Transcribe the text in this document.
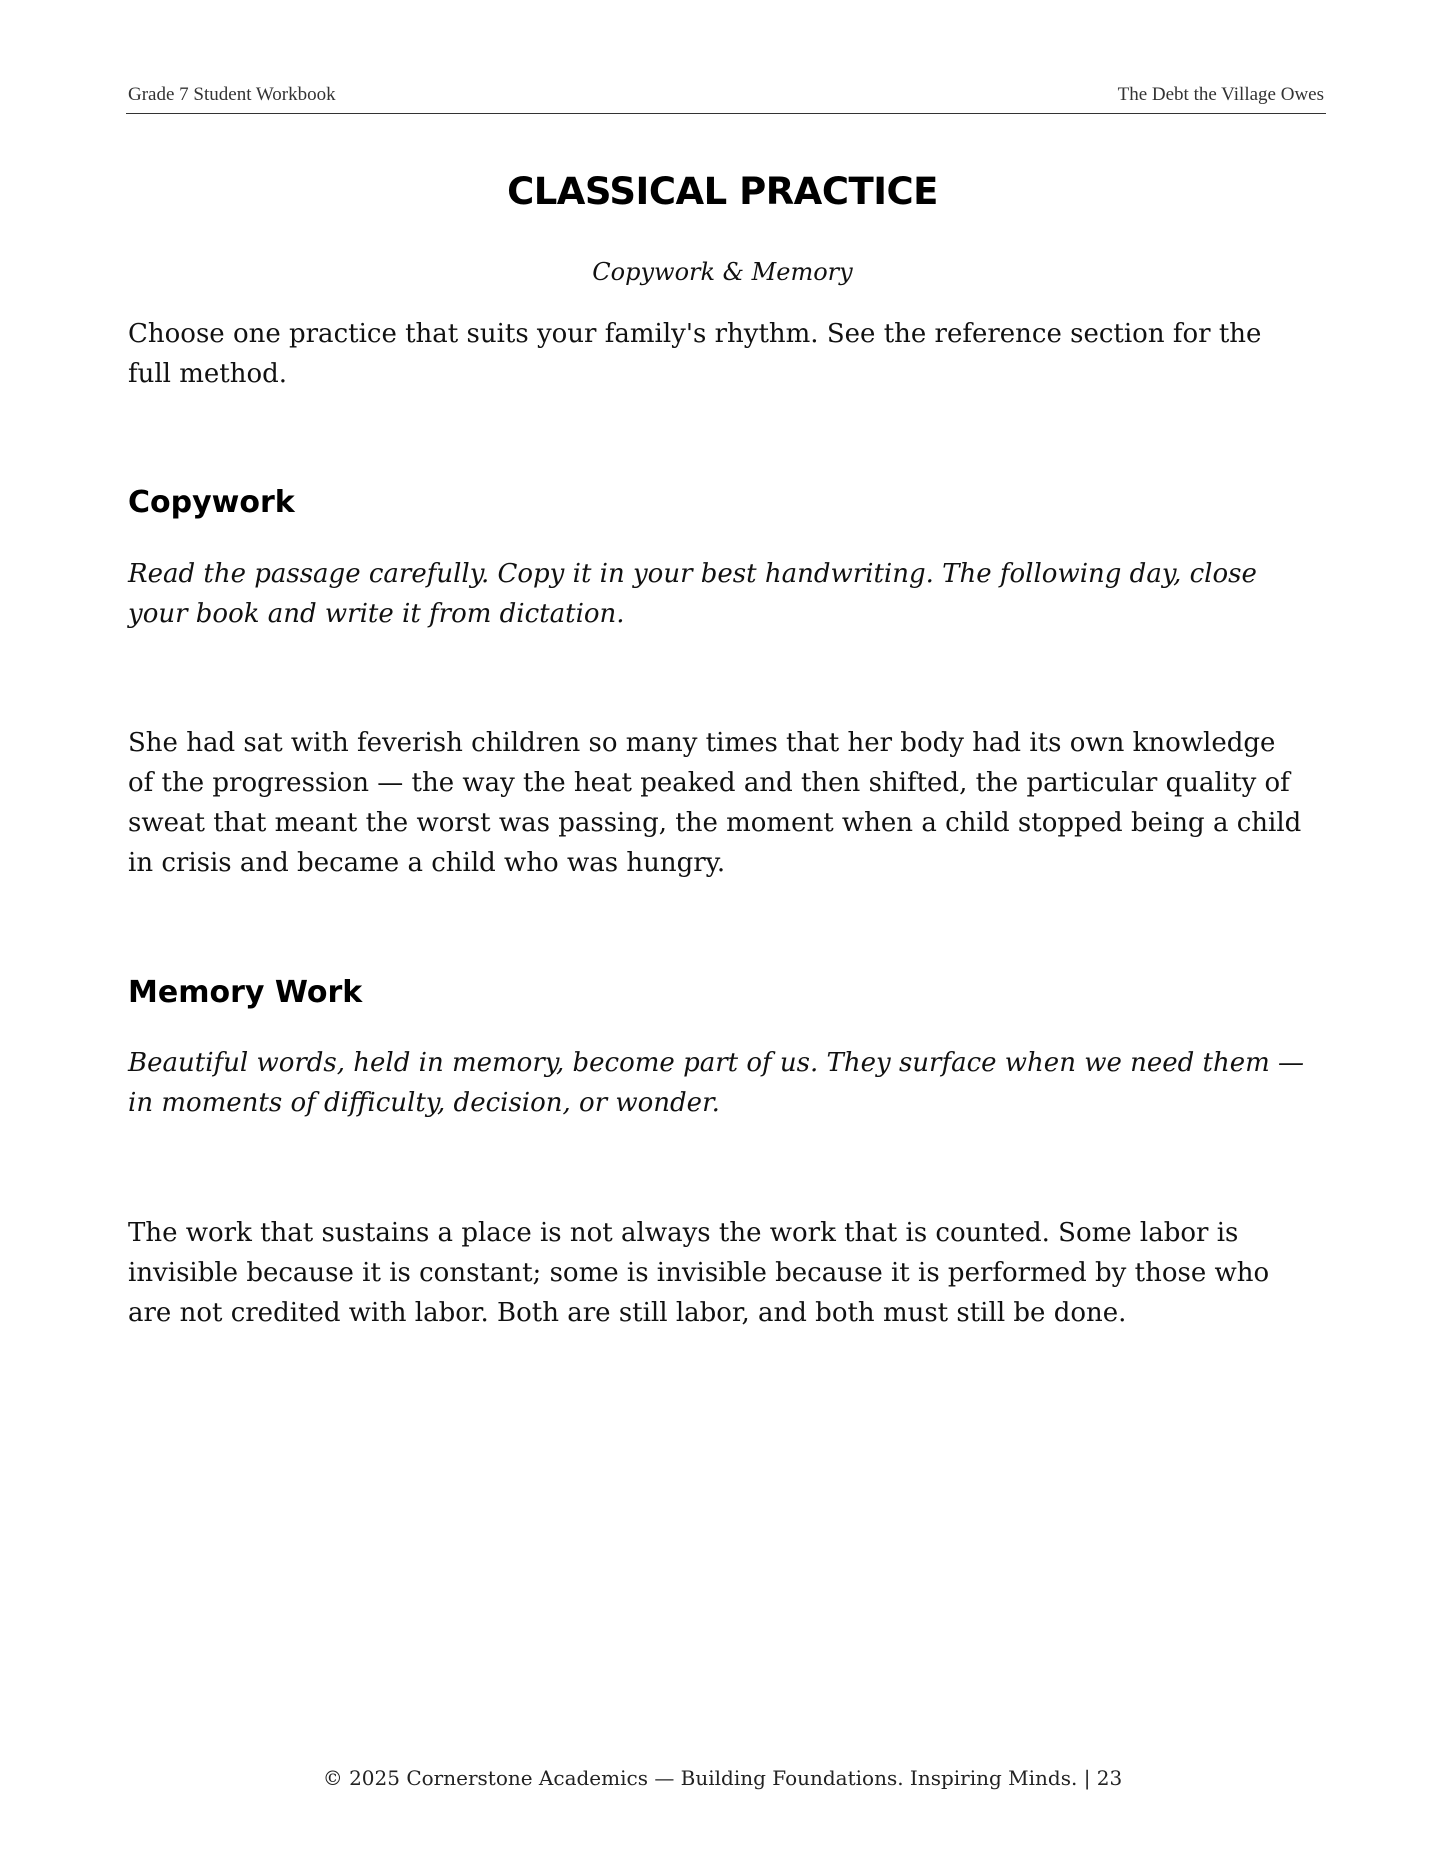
Grade 7 Student Workbook	The Debt the Village Owes
CLASSICAL PRACTICE
Copywork & Memory

Choose one practice that suits your family's rhythm. See the reference section for the full method.

Copywork

Read the passage carefully. Copy it in your best handwriting. The following day, close your book and write it from dictation.

She had sat with feverish children so many times that her body had its own knowledge of the progression — the way the heat peaked and then shifted, the particular quality of sweat that meant the worst was passing, the moment when a child stopped being a child in crisis and became a child who was hungry.

Memory Work

Beautiful words, held in memory, become part of us. They surface when we need them — in moments of difficulty, decision, or wonder.

The work that sustains a place is not always the work that is counted. Some labor is invisible because it is constant; some is invisible because it is performed by those who are not credited with labor. Both are still labor, and both must still be done.

© 2025 Cornerstone Academics — Building Foundations. Inspiring Minds. | 23
